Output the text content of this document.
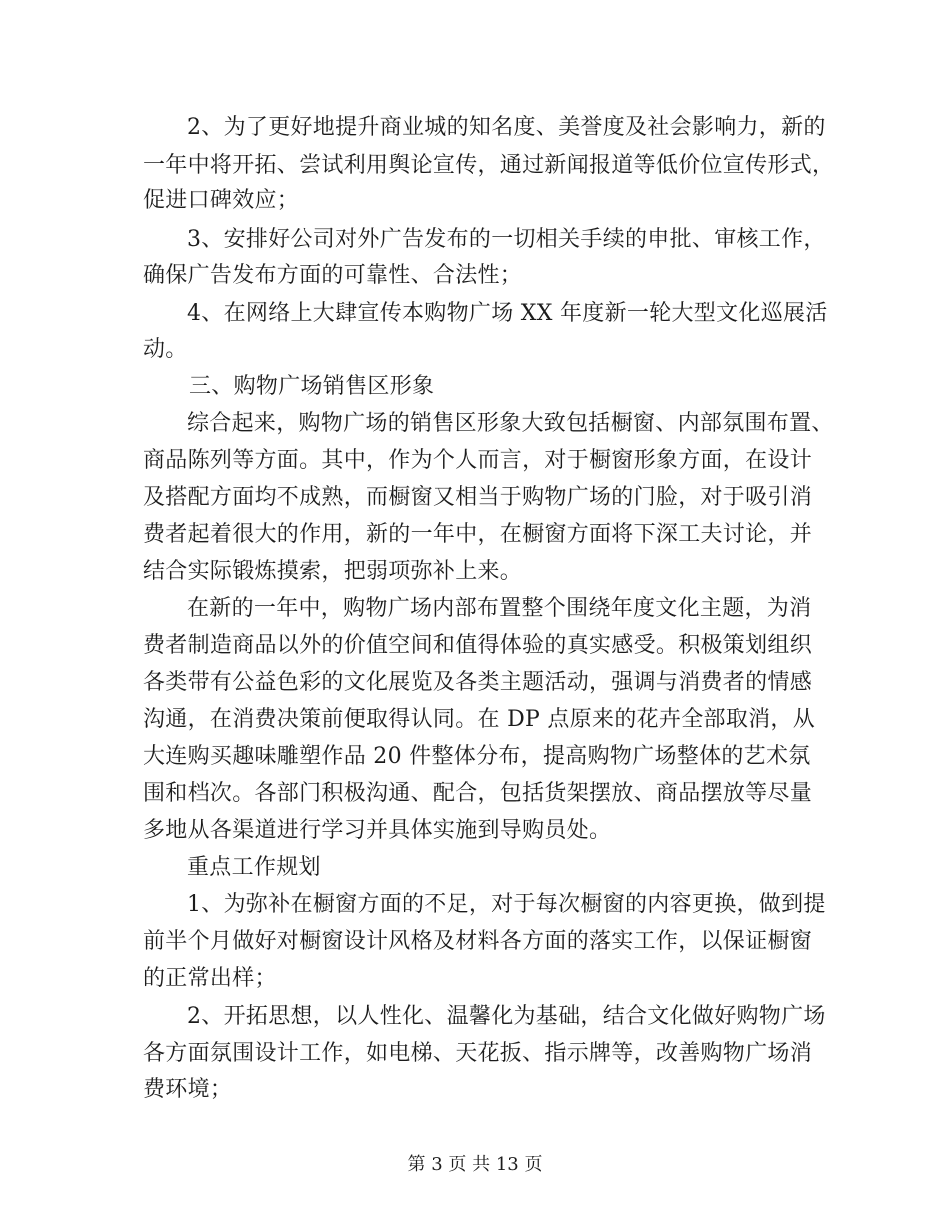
2、为了更好地提升商业城的知名度、美誉度及社会影响力，新的
一年中将开拓、尝试利用舆论宣传，通过新闻报道等低价位宣传形式，
促进口碑效应；
3、安排好公司对外广告发布的一切相关手续的申批、审核工作，
确保广告发布方面的可靠性、合法性；
4、在网络上大肆宣传本购物广场 XX 年度新一轮大型文化巡展活
动。
三、购物广场销售区形象
综合起来，购物广场的销售区形象大致包括橱窗、内部氛围布置、
商品陈列等方面。其中，作为个人而言，对于橱窗形象方面，在设计
及搭配方面均不成熟，而橱窗又相当于购物广场的门脸，对于吸引消
费者起着很大的作用，新的一年中，在橱窗方面将下深工夫讨论，并
结合实际锻炼摸索，把弱项弥补上来。
在新的一年中，购物广场内部布置整个围绕年度文化主题，为消
费者制造商品以外的价值空间和值得体验的真实感受。积极策划组织
各类带有公益色彩的文化展览及各类主题活动，强调与消费者的情感
沟通，在消费决策前便取得认同。在 DP 点原来的花卉全部取消，从
大连购买趣味雕塑作品 20 件整体分布，提高购物广场整体的艺术氛
围和档次。各部门积极沟通、配合，包括货架摆放、商品摆放等尽量
多地从各渠道进行学习并具体实施到导购员处。
重点工作规划
1、为弥补在橱窗方面的不足，对于每次橱窗的内容更换，做到提
前半个月做好对橱窗设计风格及材料各方面的落实工作，以保证橱窗
的正常出样；
2、开拓思想，以人性化、温馨化为基础，结合文化做好购物广场
各方面氛围设计工作，如电梯、天花扳、指示牌等，改善购物广场消
费环境；
第 3 页 共 13 页
